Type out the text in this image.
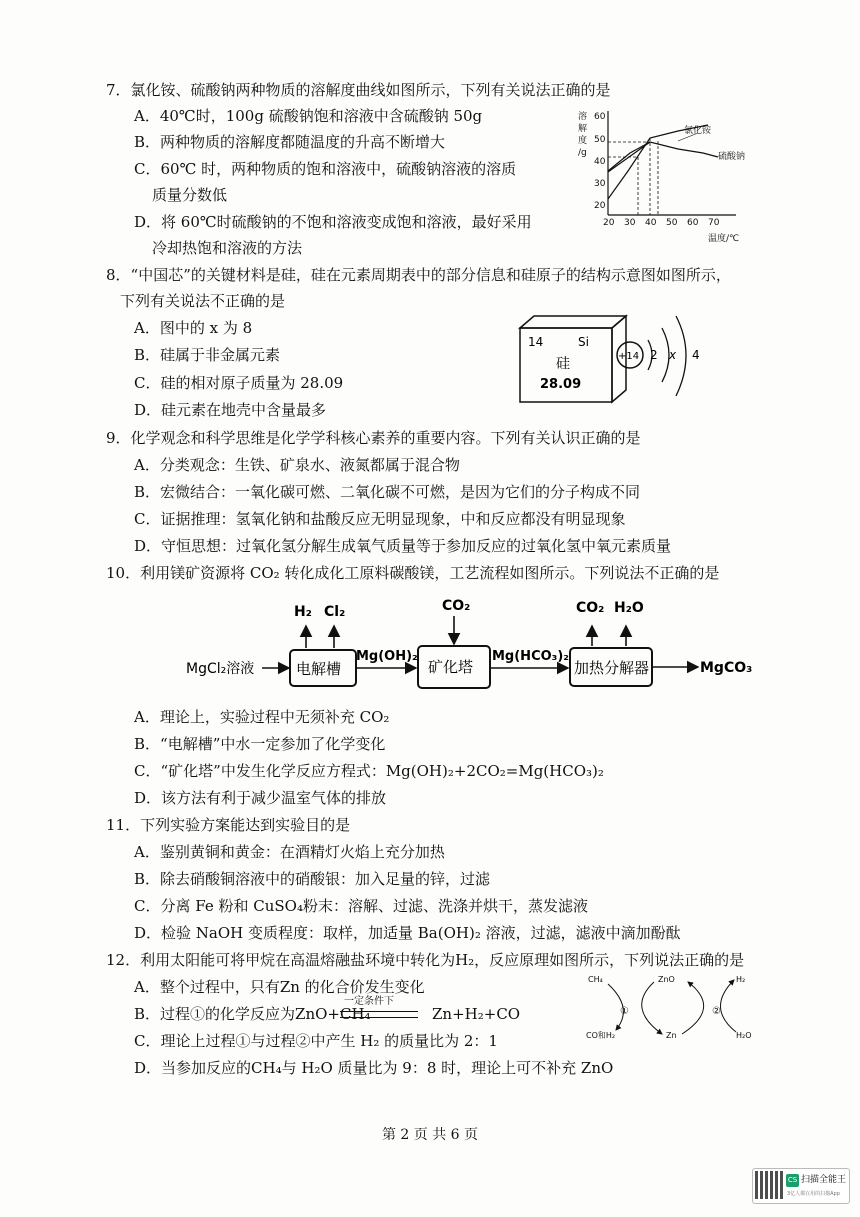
7．氯化铵、硫酸钠两种物质的溶解度曲线如图所示，下列有关说法正确的是
A．40℃时，100g 硫酸钠饱和溶液中含硫酸钠 50g
B．两种物质的溶解度都随温度的升高不断增大
C．60℃ 时，两种物质的饱和溶液中，硫酸钠溶液的溶质
质量分数低
D．将 60℃时硫酸钠的不饱和溶液变成饱和溶液，最好采用
冷却热饱和溶液的方法
溶
解
度
/g
60
50
40
30
20
20 30 40 50 60 70
温度/℃
氯化铵
硫酸钠
8．“中国芯”的关键材料是硅，硅在元素周期表中的部分信息和硅原子的结构示意图如图所示，
下列有关说法不正确的是
A．图中的 x 为 8
B．硅属于非金属元素
C．硅的相对原子质量为 28.09
D．硅元素在地壳中含量最多
14	Si
硅
28.09
+14 2 x 4
9．化学观念和科学思维是化学学科核心素养的重要内容。下列有关认识正确的是
A．分类观念：生铁、矿泉水、液氮都属于混合物
B．宏微结合：一氧化碳可燃、二氧化碳不可燃，是因为它们的分子构成不同
C．证据推理：氢氧化钠和盐酸反应无明显现象，中和反应都没有明显现象
D．守恒思想：过氧化氢分解生成氧气质量等于参加反应的过氧化氢中氧元素质量
10．利用镁矿资源将 CO₂ 转化成化工原料碳酸镁，工艺流程如图所示。下列说法不正确的是
MgCl₂溶液	电解槽
H₂ Cl₂
Mg(OH)₂
矿化塔
CO₂
Mg(HCO₃)₂
加热分解器
CO₂ H₂O
MgCO₃
A．理论上，实验过程中无须补充 CO₂
B．“电解槽”中水一定参加了化学变化
C．“矿化塔”中发生化学反应方程式：Mg(OH)₂+2CO₂=Mg(HCO₃)₂
D．该方法有利于减少温室气体的排放
11．下列实验方案能达到实验目的是
A．鉴别黄铜和黄金：在酒精灯火焰上充分加热
B．除去硝酸铜溶液中的硝酸银：加入足量的锌，过滤
C．分离 Fe 粉和 CuSO₄粉末：溶解、过滤、洗涤并烘干，蒸发滤液
D．检验 NaOH 变质程度：取样，加适量 Ba(OH)₂ 溶液，过滤，滤液中滴加酚酞
12．利用太阳能可将甲烷在高温熔融盐环境中转化为H₂，反应原理如图所示，下列说法正确的是
A．整个过程中，只有Zn 的化合价发生变化
B．过程①的化学反应为ZnO+CH₄
一定条件下
Zn+H₂+CO
C．理论上过程①与过程②中产生 H₂ 的质量比为 2：1
D．当参加反应的CH₄与 H₂O 质量比为 9：8 时，理论上可不补充 ZnO
CH₄	ZnO	H₂
①	②
CO和H₂	Zn	H₂O
第 2 页 共 6 页
CS 扫描全能王
3亿人都在用的扫描App
